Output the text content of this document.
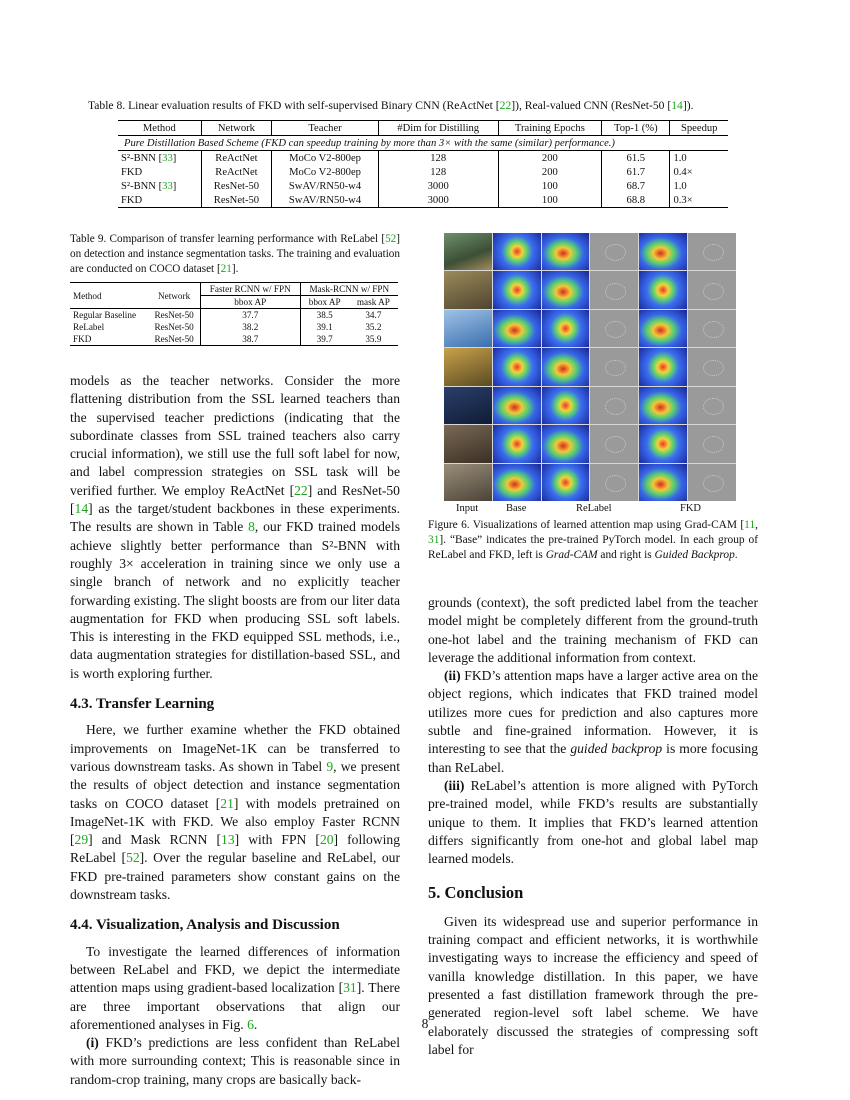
Table 8. Linear evaluation results of FKD with self-supervised Binary CNN (ReActNet [22]), Real-valued CNN (ResNet-50 [14]).
Method	Network	Teacher	#Dim for Distilling	Training Epochs	Top-1 (%)	Speedup
Pure Distillation Based Scheme (FKD can speedup training by more than 3× with the same (similar) performance.)						
S²-BNN [33]	ReActNet	MoCo V2-800ep	128	200	61.5	1.0
FKD	ReActNet	MoCo V2-800ep	128	200	61.7	0.4×
S²-BNN [33]	ResNet-50	SwAV/RN50-w4	3000	100	68.7	1.0
FKD	ResNet-50	SwAV/RN50-w4	3000	100	68.8	0.3×
Table 9. Comparison of transfer learning performance with ReLabel [52] on detection and instance segmentation tasks. The training and evaluation are conducted on COCO dataset [21].
Method	Network	Faster RCNN w/ FPN	Mask-RCNN w/ FPN	
		bbox AP	bbox AP	mask AP
Regular Baseline	ResNet-50	37.7	38.5	34.7
ReLabel	ResNet-50	38.2	39.1	35.2
FKD	ResNet-50	38.7	39.7	35.9
Input	Base	ReLabel	FKD
Figure 6. Visualizations of learned attention map using Grad-CAM [11, 31]. “Base” indicates the pre-trained PyTorch model. In each group of ReLabel and FKD, left is Grad-CAM and right is Guided Backprop.

models as the teacher networks. Consider the more flattening distribution from the SSL learned teachers than the supervised teacher predictions (indicating that the subordinate classes from SSL trained teachers also carry crucial information), we still use the full soft label for now, and label compression strategies on SSL task will be verified further. We employ ReActNet [22] and ResNet-50 [14] as the target/student backbones in these experiments. The results are shown in Table 8, our FKD trained models achieve slightly better performance than S²-BNN with roughly 3× acceleration in training since we only use a single branch of network and no explicitly teacher forwarding existing. The slight boosts are from our liter data augmentation for FKD when producing SSL soft labels. This is interesting in the FKD equipped SSL methods, i.e., data augmentation strategies for distillation-based SSL, and is worth exploring further.

4.3. Transfer Learning

Here, we further examine whether the FKD obtained improvements on ImageNet-1K can be transferred to various downstream tasks. As shown in Tabel 9, we present the results of object detection and instance segmentation tasks on COCO dataset [21] with models pretrained on ImageNet-1K with FKD. We also employ Faster RCNN [29] and Mask RCNN [13] with FPN [20] following ReLabel [52]. Over the regular baseline and ReLabel, our FKD pre-trained parameters show constant gains on the downstream tasks.

4.4. Visualization, Analysis and Discussion

To investigate the learned differences of information between ReLabel and FKD, we depict the intermediate attention maps using gradient-based localization [31]. There are three important observations that align our aforementioned analyses in Fig. 6.

(i) FKD’s predictions are less confident than ReLabel with more surrounding context; This is reasonable since in random-crop training, many crops are basically back-

grounds (context), the soft predicted label from the teacher model might be completely different from the ground-truth one-hot label and the training mechanism of FKD can leverage the additional information from context.

(ii) FKD’s attention maps have a larger active area on the object regions, which indicates that FKD trained model utilizes more cues for prediction and also captures more subtle and fine-grained information. However, it is interesting to see that the guided backprop is more focusing than ReLabel.

(iii) ReLabel’s attention is more aligned with PyTorch pre-trained model, while FKD’s results are substantially unique to them. It implies that FKD’s learned attention differs significantly from one-hot and global label map learned models.

5. Conclusion

Given its widespread use and superior performance in training compact and efficient networks, it is worthwhile investigating ways to increase the efficiency and speed of vanilla knowledge distillation. In this paper, we have presented a fast distillation framework through the pre-generated region-level soft label scheme. We have elaborately discussed the strategies of compressing soft label for

8
